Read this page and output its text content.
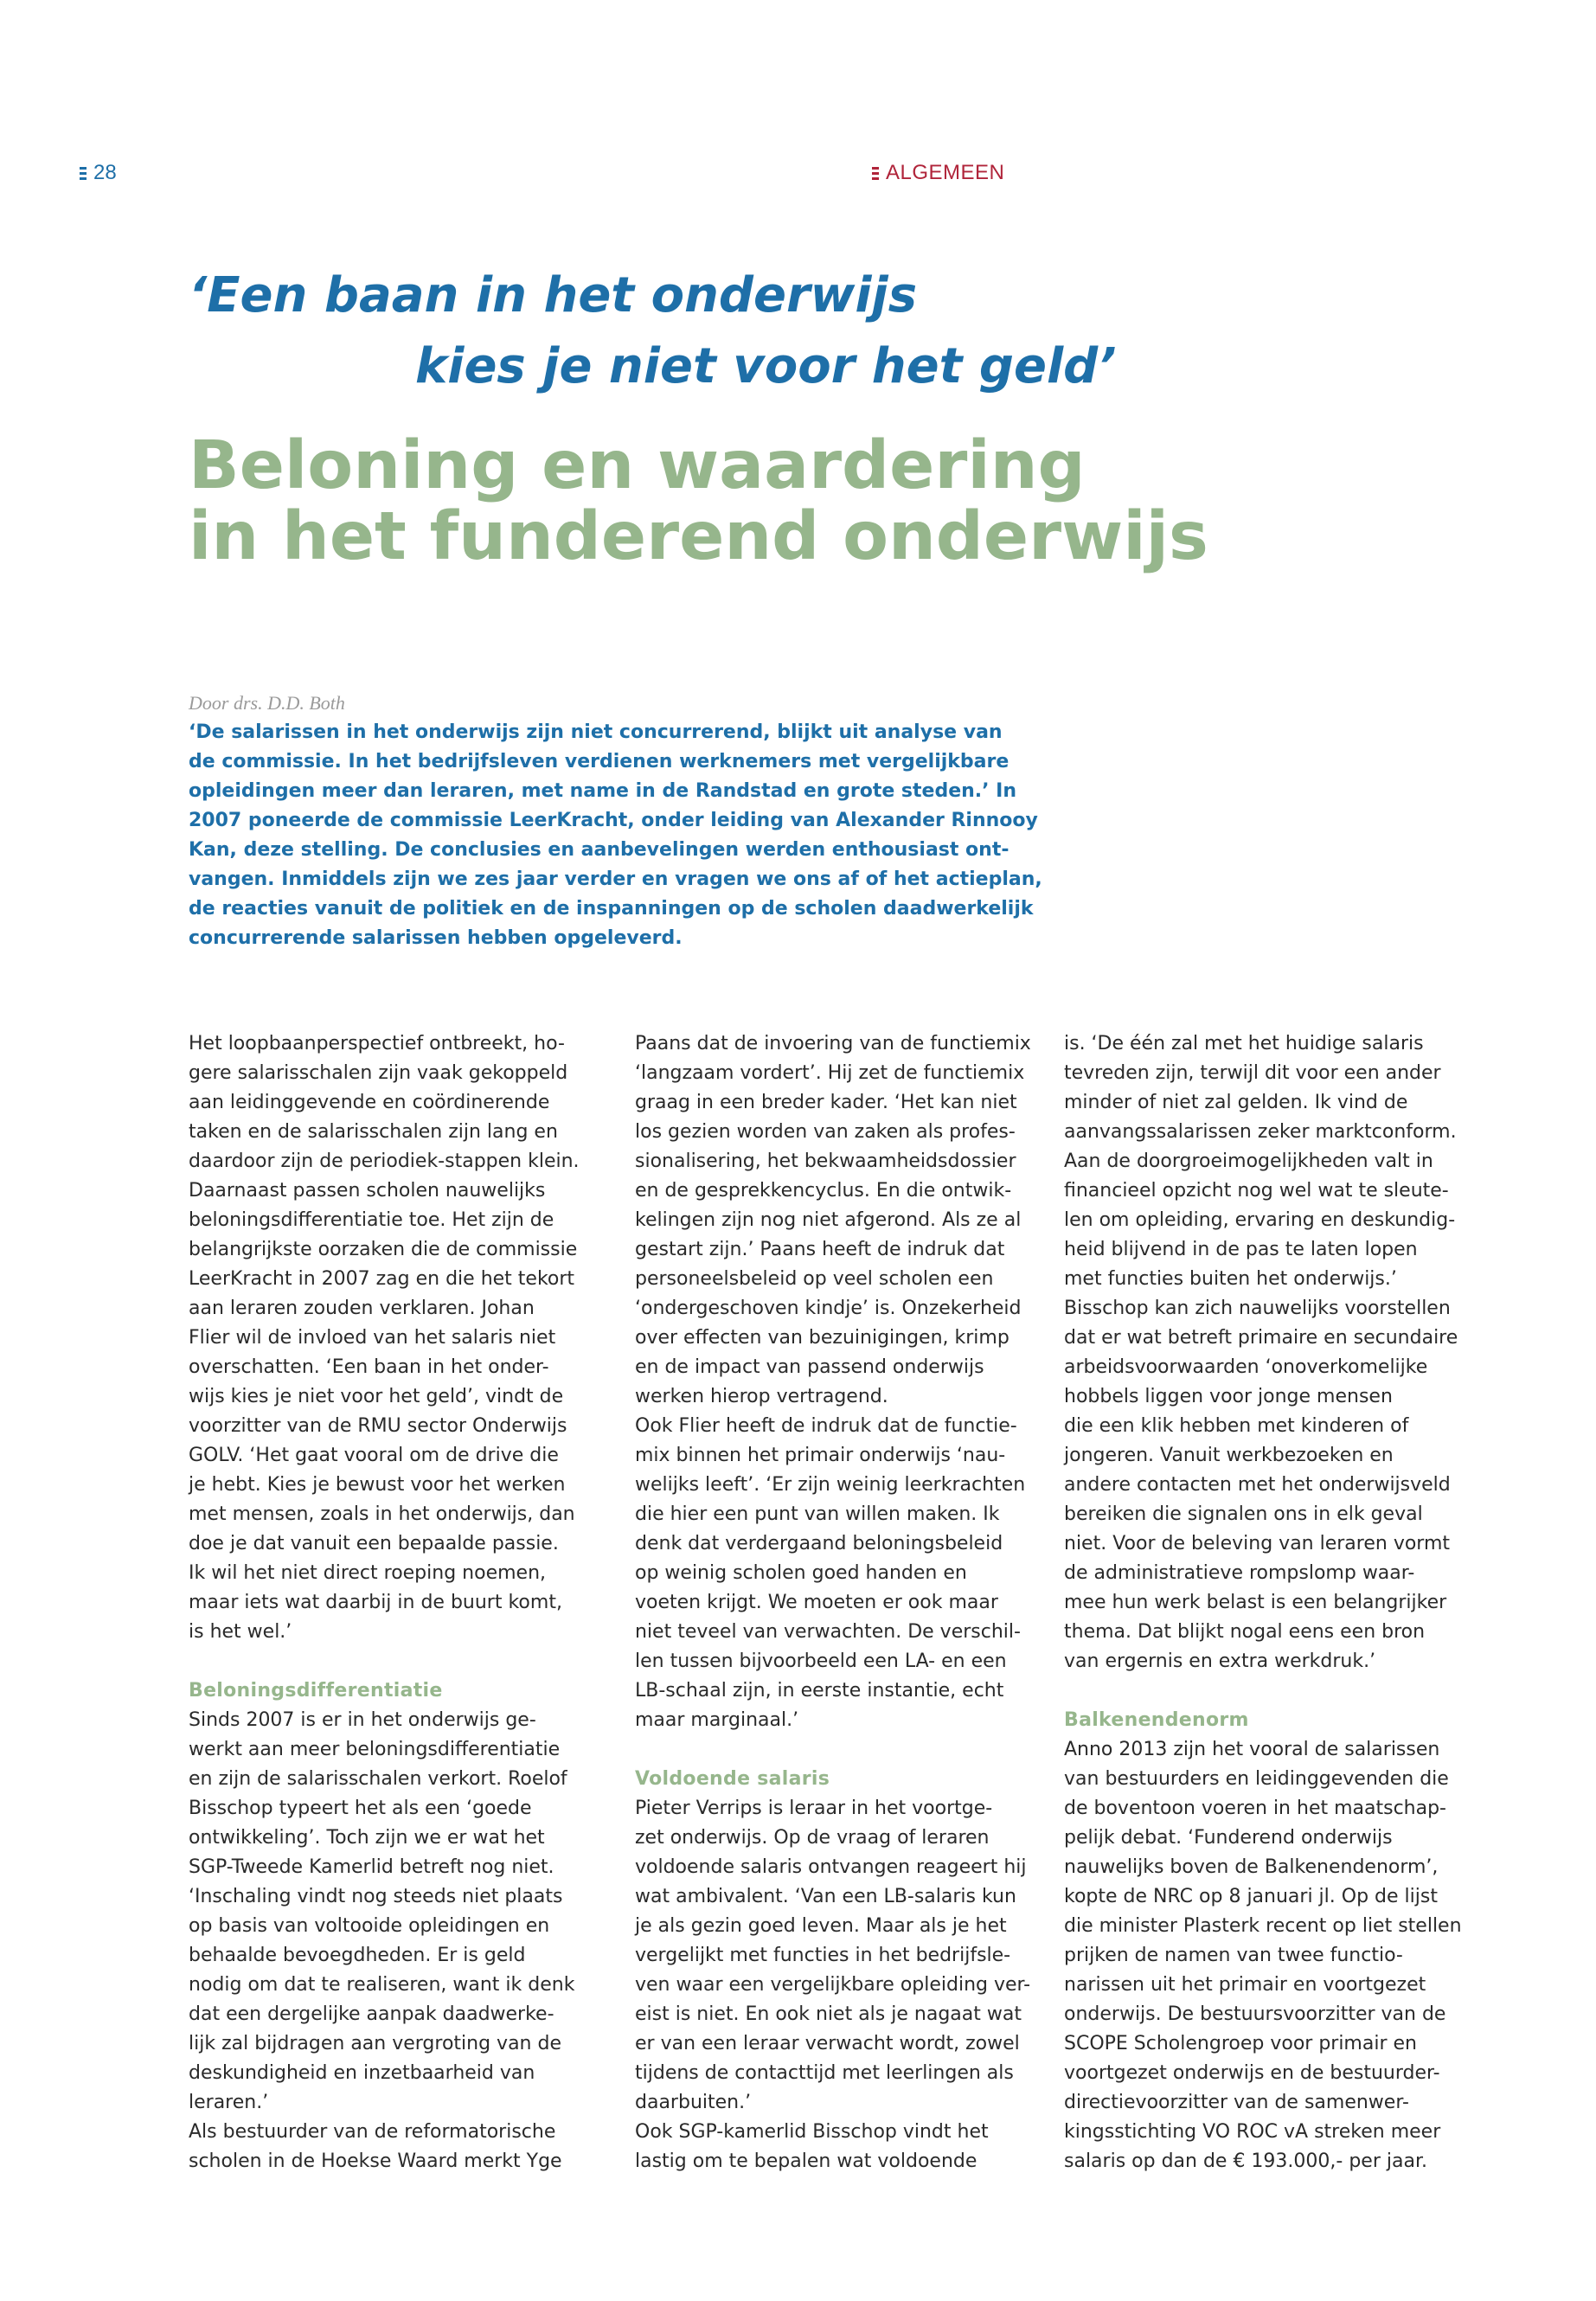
28	ALGEMEEN
‘Een baan in het onderwijs
kies je niet voor het geld’
Beloning en waardering
in het funderend onderwijs
Door drs. D.D. Both

‘De salarissen in het onderwijs zijn niet concurrerend, blijkt uit analyse van
de commissie. In het bedrijfsleven verdienen werknemers met vergelijkbare
opleidingen meer dan leraren, met name in de Randstad en grote steden.’ In
2007 poneerde de commissie LeerKracht, onder leiding van Alexander Rinnooy
Kan, deze stelling. De conclusies en aanbevelingen werden enthousiast ont-
vangen. Inmiddels zijn we zes jaar verder en vragen we ons af of het actieplan,
de reacties vanuit de politiek en de inspanningen op de scholen daadwerkelijk
concurrerende salarissen hebben opgeleverd.

Het loopbaanperspectief ontbreekt, ho-
gere salarisschalen zijn vaak gekoppeld
aan leidinggevende en coördinerende
taken en de salarisschalen zijn lang en
daardoor zijn de periodiek-stappen klein.
Daarnaast passen scholen nauwelijks
beloningsdifferentiatie toe. Het zijn de
belangrijkste oorzaken die de commissie
LeerKracht in 2007 zag en die het tekort
aan leraren zouden verklaren. Johan
Flier wil de invloed van het salaris niet
overschatten. ‘Een baan in het onder-
wijs kies je niet voor het geld’, vindt de
voorzitter van de RMU sector Onderwijs
GOLV. ‘Het gaat vooral om de drive die
je hebt. Kies je bewust voor het werken
met mensen, zoals in het onderwijs, dan
doe je dat vanuit een bepaalde passie.
Ik wil het niet direct roeping noemen,
maar iets wat daarbij in de buurt komt,
is het wel.’
Beloningsdifferentiatie
Sinds 2007 is er in het onderwijs ge-
werkt aan meer beloningsdifferentiatie
en zijn de salarisschalen verkort. Roelof
Bisschop typeert het als een ‘goede
ontwikkeling’. Toch zijn we er wat het
SGP-Tweede Kamerlid betreft nog niet.
‘Inschaling vindt nog steeds niet plaats
op basis van voltooide opleidingen en
behaalde bevoegdheden. Er is geld
nodig om dat te realiseren, want ik denk
dat een dergelijke aanpak daadwerke-
lijk zal bijdragen aan vergroting van de
deskundigheid en inzetbaarheid van
leraren.’
Als bestuurder van de reformatorische
scholen in de Hoekse Waard merkt Yge
Paans dat de invoering van de functiemix
‘langzaam vordert’. Hij zet de functiemix
graag in een breder kader. ‘Het kan niet
los gezien worden van zaken als profes-
sionalisering, het bekwaamheidsdossier
en de gesprekkencyclus. En die ontwik-
kelingen zijn nog niet afgerond. Als ze al
gestart zijn.’ Paans heeft de indruk dat
personeelsbeleid op veel scholen een
‘ondergeschoven kindje’ is. Onzekerheid
over effecten van bezuinigingen, krimp
en de impact van passend onderwijs
werken hierop vertragend.
Ook Flier heeft de indruk dat de functie-
mix binnen het primair onderwijs ‘nau-
welijks leeft’. ‘Er zijn weinig leerkrachten
die hier een punt van willen maken. Ik
denk dat verdergaand beloningsbeleid
op weinig scholen goed handen en
voeten krijgt. We moeten er ook maar
niet teveel van verwachten. De verschil-
len tussen bijvoorbeeld een LA- en een
LB-schaal zijn, in eerste instantie, echt
maar marginaal.’
Voldoende salaris
Pieter Verrips is leraar in het voortge-
zet onderwijs. Op de vraag of leraren
voldoende salaris ontvangen reageert hij
wat ambivalent. ‘Van een LB-salaris kun
je als gezin goed leven. Maar als je het
vergelijkt met functies in het bedrijfsle-
ven waar een vergelijkbare opleiding ver-
eist is niet. En ook niet als je nagaat wat
er van een leraar verwacht wordt, zowel
tijdens de contacttijd met leerlingen als
daarbuiten.’
Ook SGP-kamerlid Bisschop vindt het
lastig om te bepalen wat voldoende
is. ‘De één zal met het huidige salaris
tevreden zijn, terwijl dit voor een ander
minder of niet zal gelden. Ik vind de
aanvangssalarissen zeker marktconform.
Aan de doorgroeimogelijkheden valt in
financieel opzicht nog wel wat te sleute-
len om opleiding, ervaring en deskundig-
heid blijvend in de pas te laten lopen
met functies buiten het onderwijs.’
Bisschop kan zich nauwelijks voorstellen
dat er wat betreft primaire en secundaire
arbeidsvoorwaarden ‘onoverkomelijke
hobbels liggen voor jonge mensen
die een klik hebben met kinderen of
jongeren. Vanuit werkbezoeken en
andere contacten met het onderwijsveld
bereiken die signalen ons in elk geval
niet. Voor de beleving van leraren vormt
de administratieve rompslomp waar-
mee hun werk belast is een belangrijker
thema. Dat blijkt nogal eens een bron
van ergernis en extra werkdruk.’
Balkenendenorm
Anno 2013 zijn het vooral de salarissen
van bestuurders en leidinggevenden die
de boventoon voeren in het maatschap-
pelijk debat. ‘Funderend onderwijs
nauwelijks boven de Balkenendenorm’,
kopte de NRC op 8 januari jl. Op de lijst
die minister Plasterk recent op liet stellen
prijken de namen van twee functio-
narissen uit het primair en voortgezet
onderwijs. De bestuursvoorzitter van de
SCOPE Scholengroep voor primair en
voortgezet onderwijs en de bestuurder-
directievoorzitter van de samenwer-
kingsstichting VO ROC vA streken meer
salaris op dan de € 193.000,- per jaar.
